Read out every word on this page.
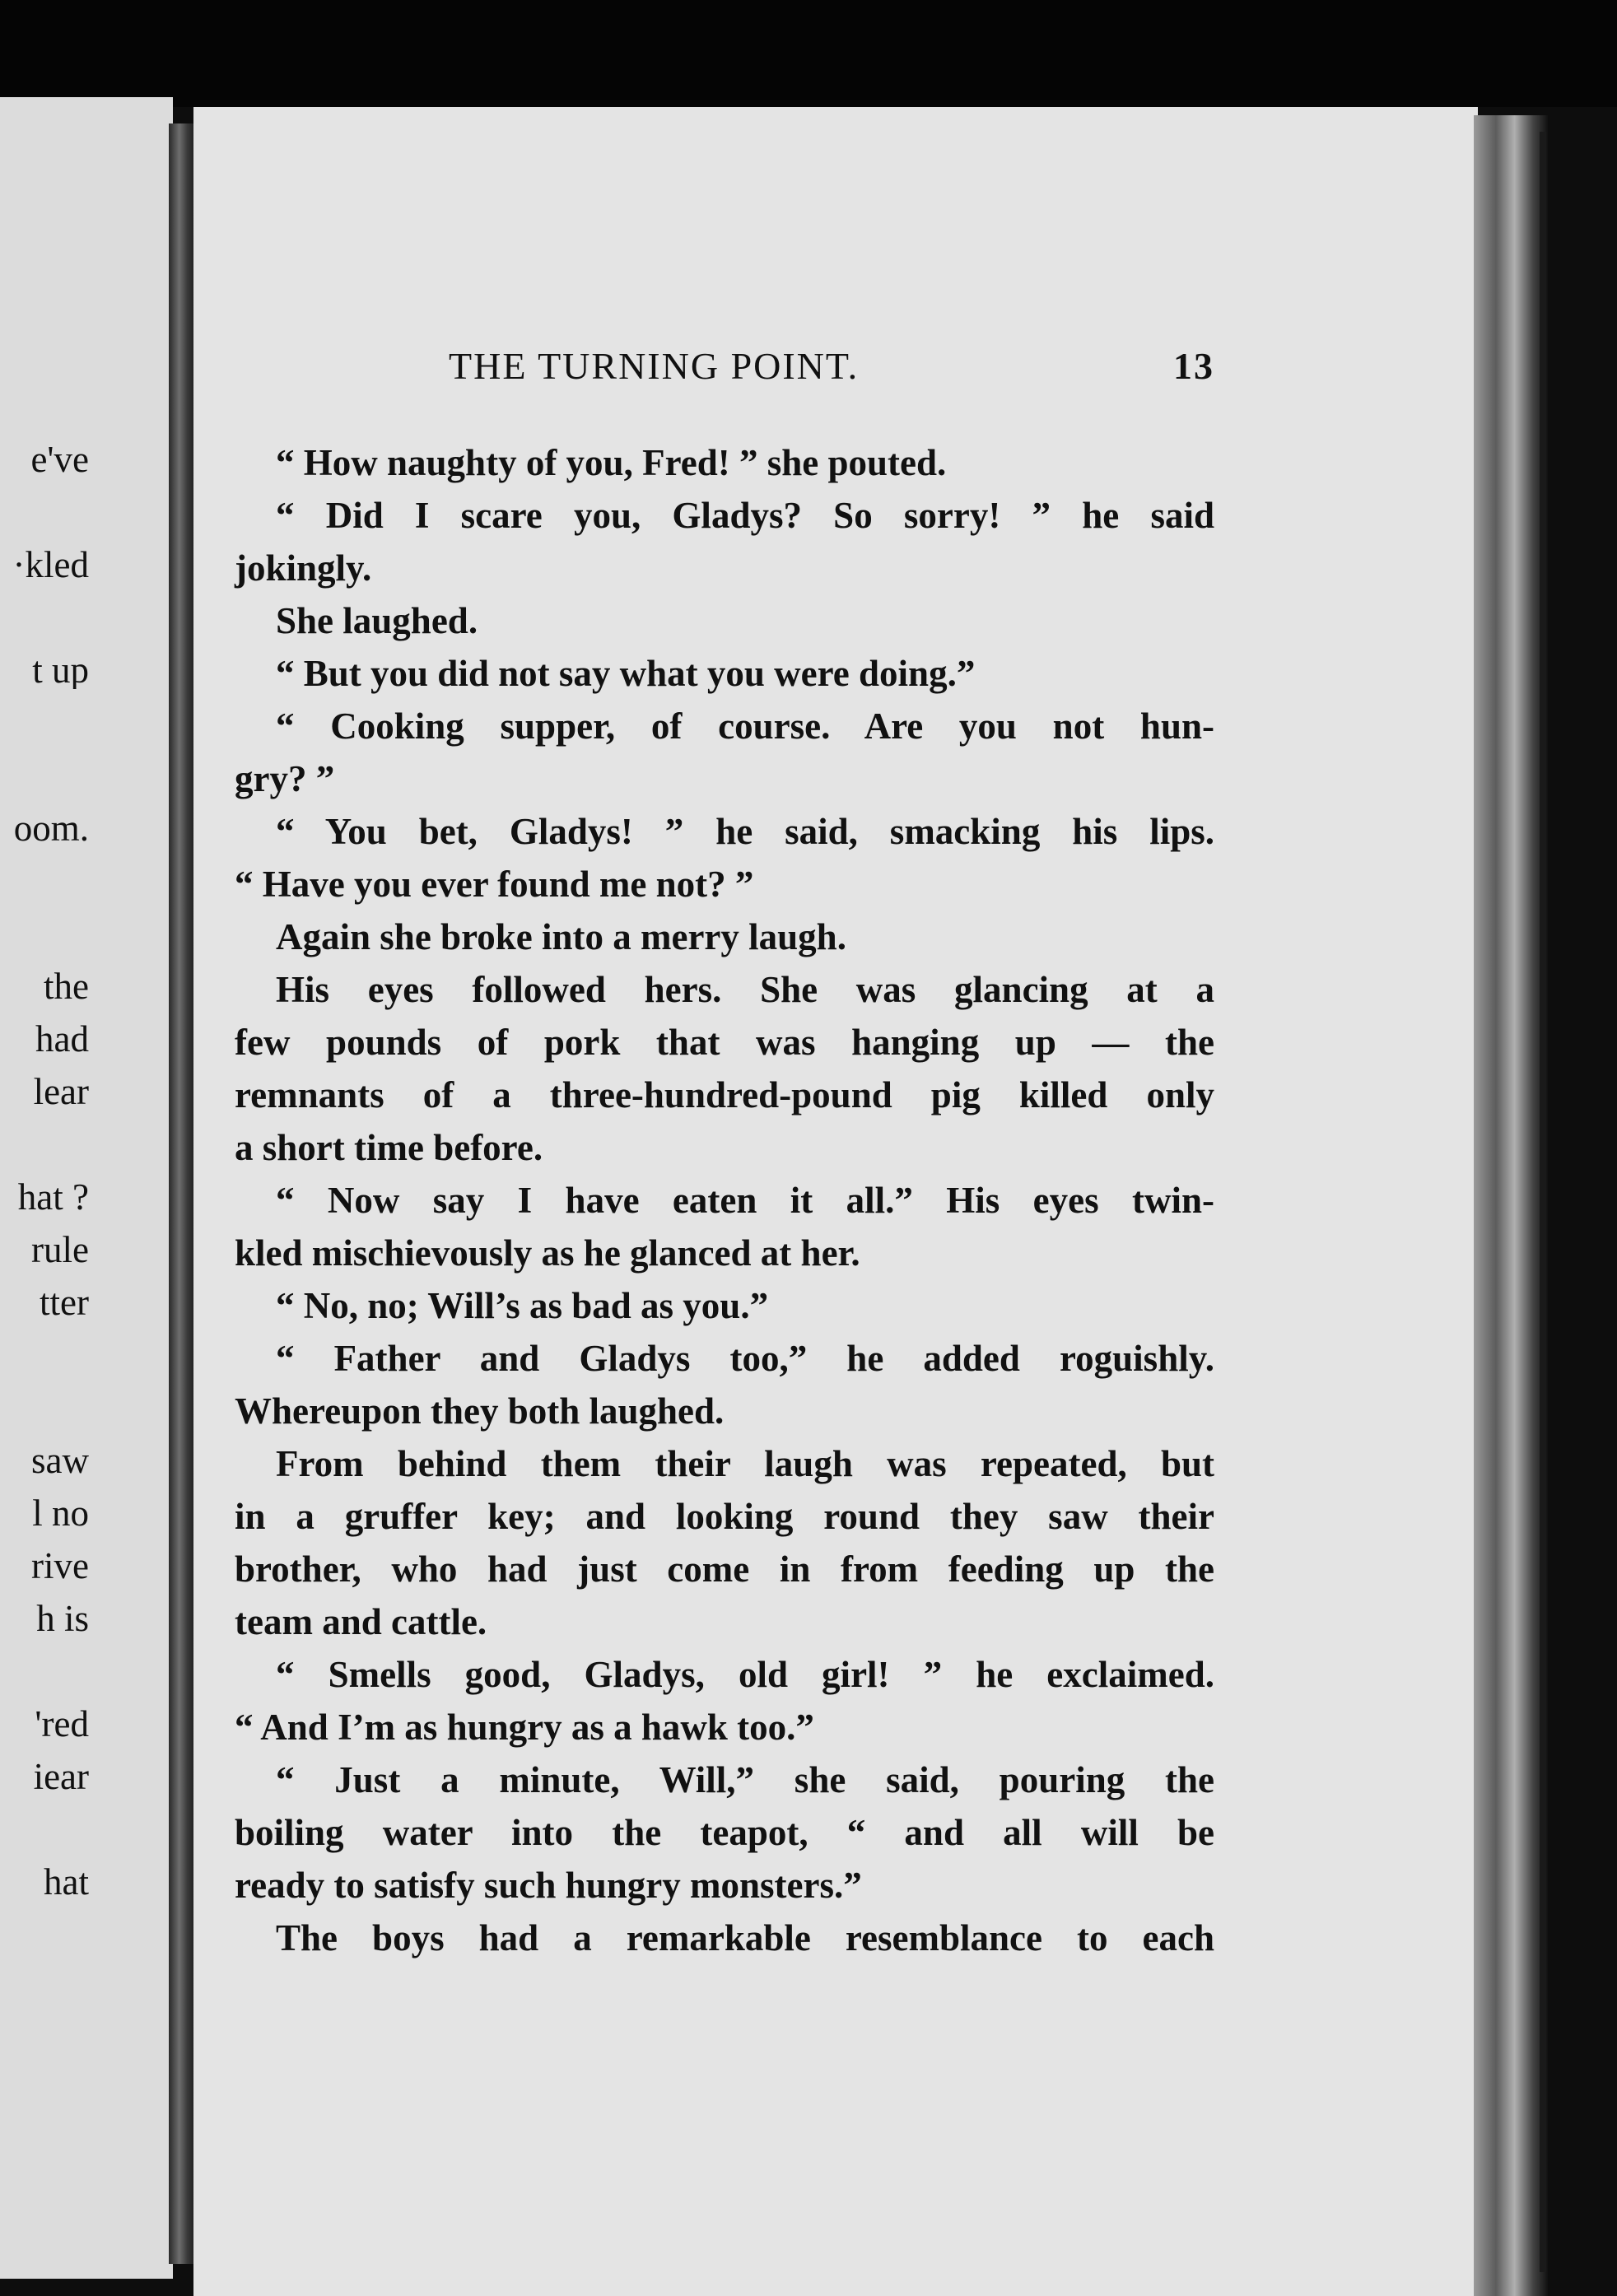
e've
·kled
t up
oom.
the
had
lear
hat ?
rule
tter
saw
l no
rive
h is
'red
iear
hat
THE TURNING POINT.	13
“ How naughty of you, Fred! ” she pouted.
“ Did I scare you, Gladys? So sorry! ” he said
jokingly.
She laughed.
“ But you did not say what you were doing.”
“ Cooking supper, of course. Are you not hun-
gry? ”
“ You bet, Gladys! ” he said, smacking his lips.
“ Have you ever found me not? ”
Again she broke into a merry laugh.
His eyes followed hers. She was glancing at a
few pounds of pork that was hanging up — the
remnants of a three-hundred-pound pig killed only
a short time before.
“ Now say I have eaten it all.” His eyes twin-
kled mischievously as he glanced at her.
“ No, no; Will’s as bad as you.”
“ Father and Gladys too,” he added roguishly.
Whereupon they both laughed.
From behind them their laugh was repeated, but
in a gruffer key; and looking round they saw their
brother, who had just come in from feeding up the
team and cattle.
“ Smells good, Gladys, old girl! ” he exclaimed.
“ And I’m as hungry as a hawk too.”
“ Just a minute, Will,” she said, pouring the
boiling water into the teapot, “ and all will be
ready to satisfy such hungry monsters.”
The boys had a remarkable resemblance to each
